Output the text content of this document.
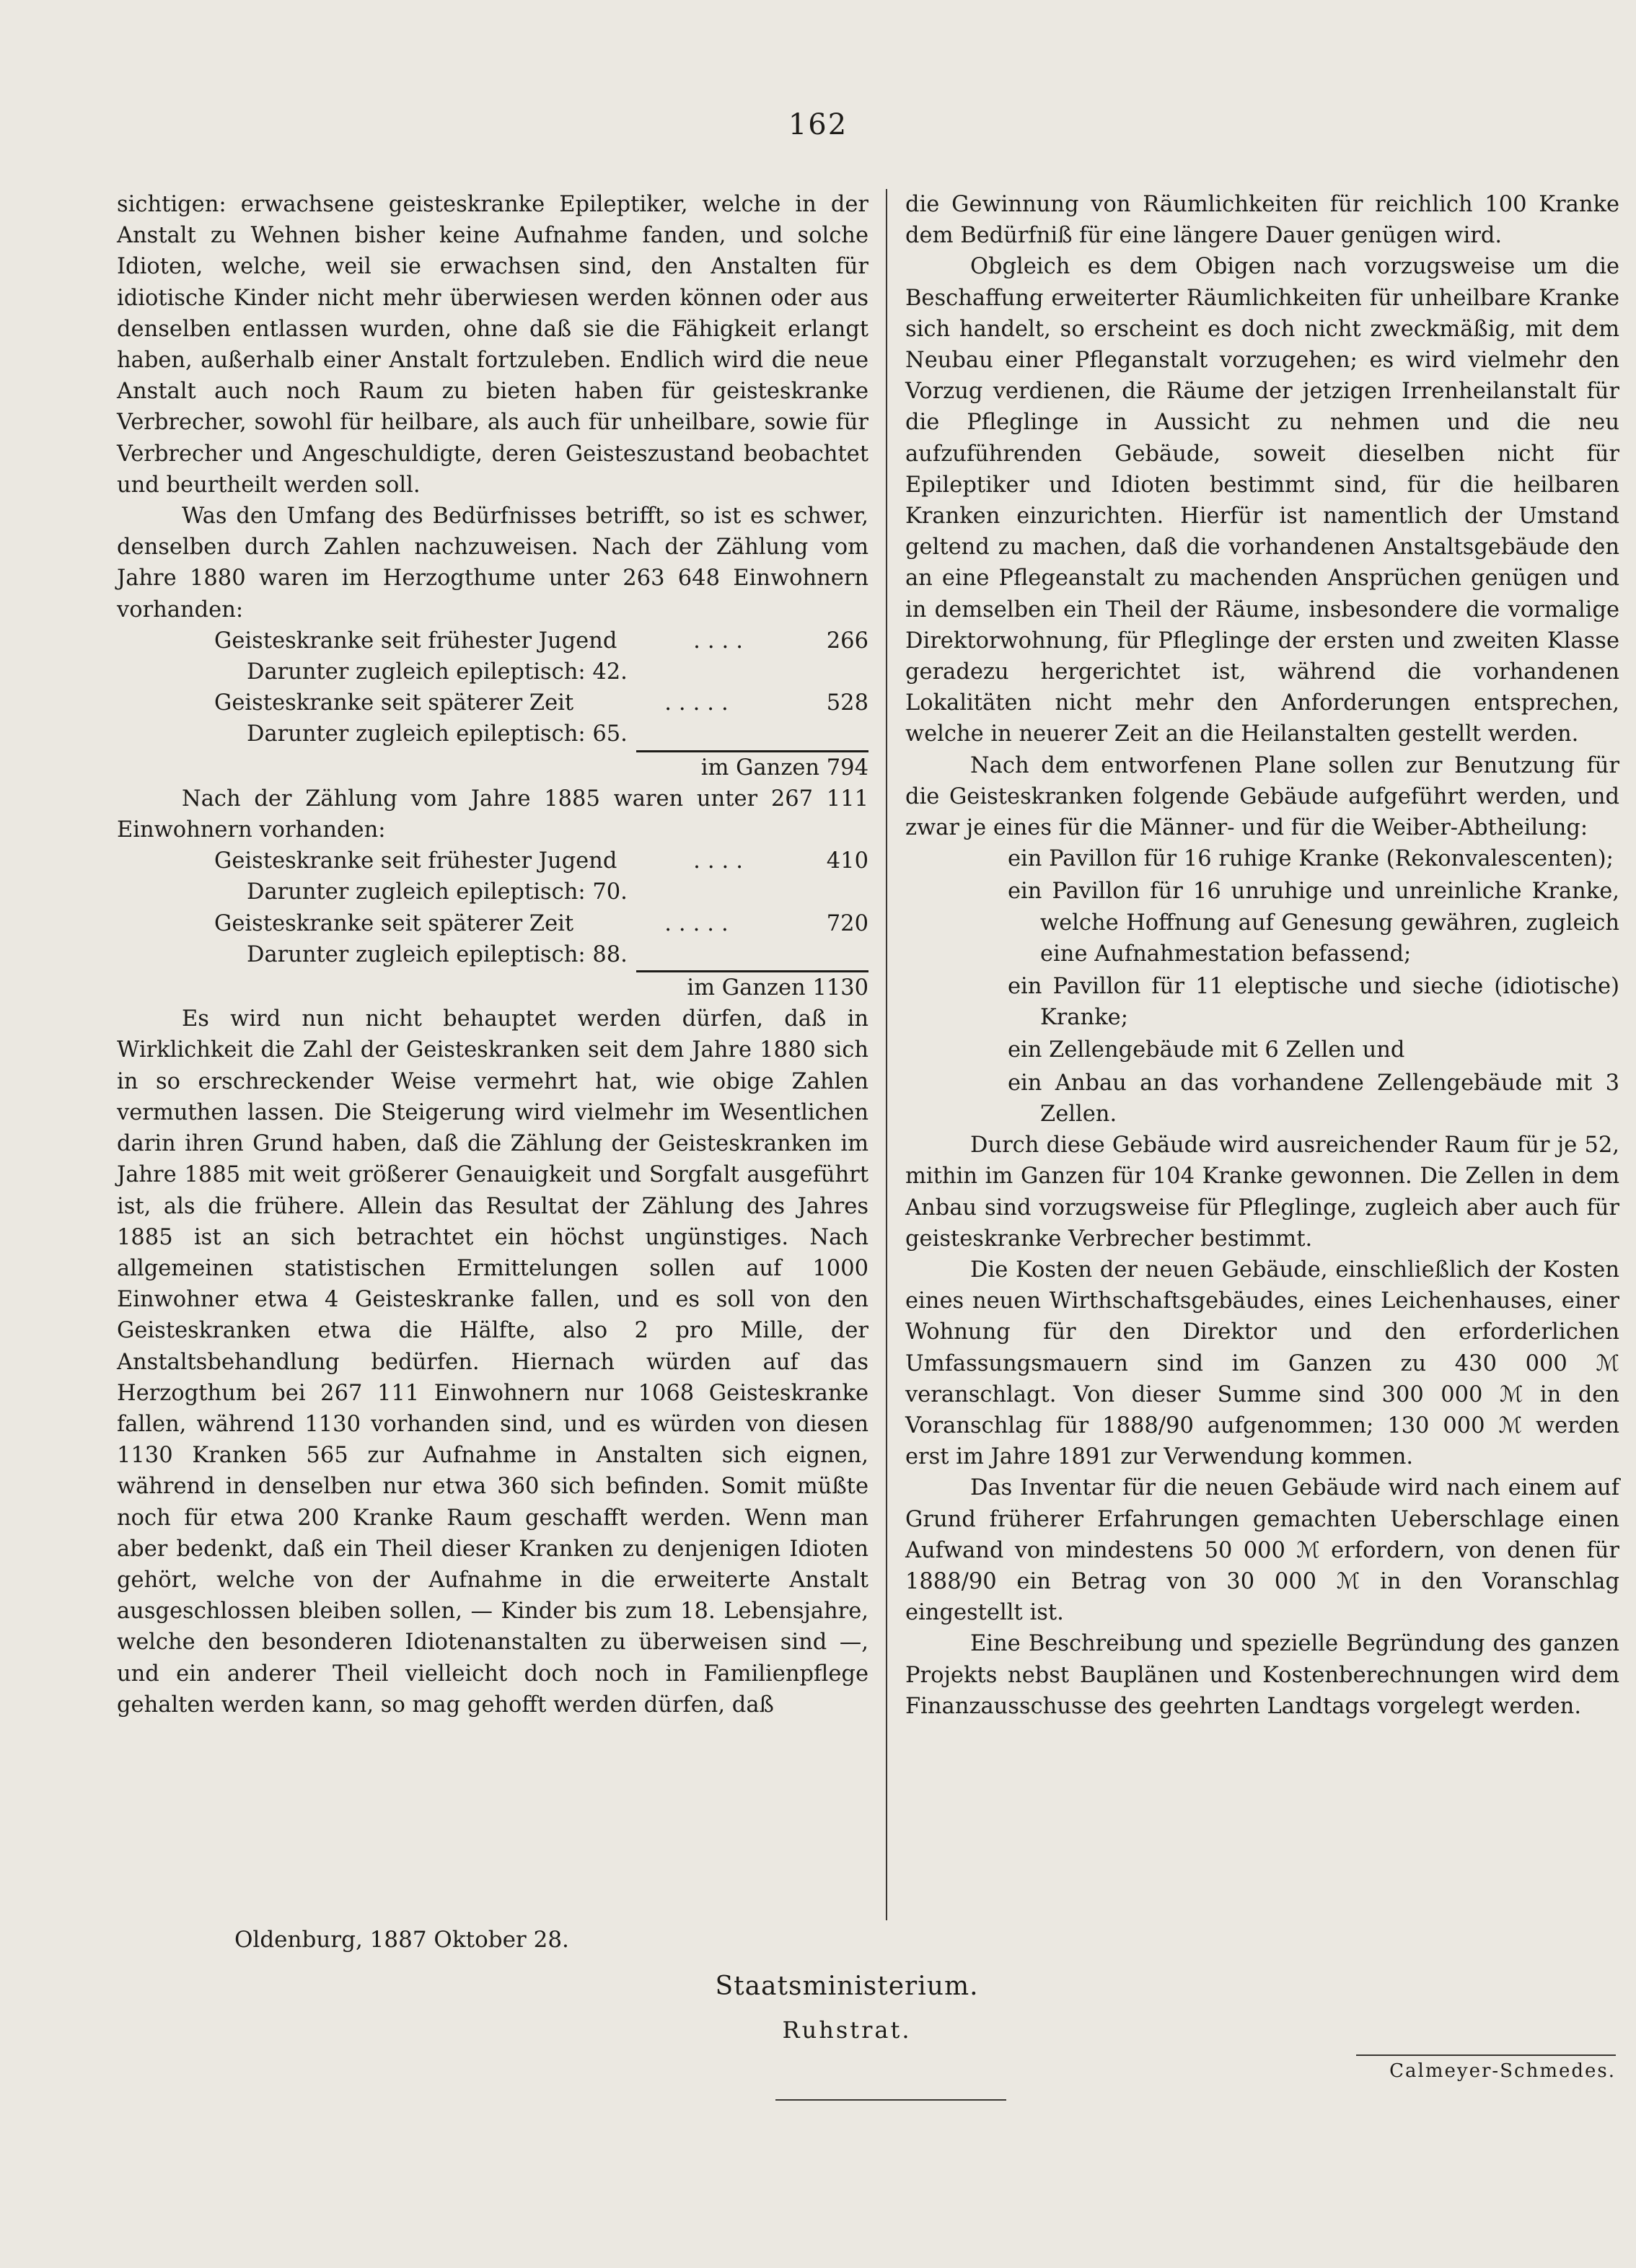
162

sichtigen: erwachsene geisteskranke Epileptiker, welche in der Anstalt zu Wehnen bisher keine Aufnahme fanden, und solche Idioten, welche, weil sie erwachsen sind, den Anstalten für idiotische Kinder nicht mehr überwiesen werden können oder aus denselben entlassen wurden, ohne daß sie die Fähigkeit erlangt haben, außerhalb einer Anstalt fortzuleben. Endlich wird die neue Anstalt auch noch Raum zu bieten haben für geisteskranke Verbrecher, sowohl für heilbare, als auch für unheilbare, sowie für Verbrecher und Angeschuldigte, deren Geisteszustand beobachtet und beurtheilt werden soll.

Was den Umfang des Bedürfnisses betrifft, so ist es schwer, denselben durch Zahlen nachzuweisen. Nach der Zählung vom Jahre 1880 waren im Herzogthume unter 263 648 Einwohnern vorhanden:

Geisteskranke seit frühester Jugend	....	266
Darunter zugleich epileptisch: 42.
Geisteskranke seit späterer Zeit	.....	528
Darunter zugleich epileptisch: 65.
im Ganzen 794

Nach der Zählung vom Jahre 1885 waren unter 267 111 Einwohnern vorhanden:

Geisteskranke seit frühester Jugend	....	410
Darunter zugleich epileptisch: 70.
Geisteskranke seit späterer Zeit	.....	720
Darunter zugleich epileptisch: 88.
im Ganzen 1130

Es wird nun nicht behauptet werden dürfen, daß in Wirklichkeit die Zahl der Geisteskranken seit dem Jahre 1880 sich in so erschreckender Weise vermehrt hat, wie obige Zahlen vermuthen lassen. Die Steigerung wird vielmehr im Wesentlichen darin ihren Grund haben, daß die Zählung der Geisteskranken im Jahre 1885 mit weit größerer Genauigkeit und Sorgfalt ausgeführt ist, als die frühere. Allein das Resultat der Zählung des Jahres 1885 ist an sich betrachtet ein höchst ungünstiges. Nach allgemeinen statistischen Ermittelungen sollen auf 1000 Einwohner etwa 4 Geisteskranke fallen, und es soll von den Geisteskranken etwa die Hälfte, also 2 pro Mille, der Anstaltsbehandlung bedürfen. Hiernach würden auf das Herzogthum bei 267 111 Einwohnern nur 1068 Geisteskranke fallen, während 1130 vorhanden sind, und es würden von diesen 1130 Kranken 565 zur Aufnahme in Anstalten sich eignen, während in denselben nur etwa 360 sich befinden. Somit müßte noch für etwa 200 Kranke Raum geschafft werden. Wenn man aber bedenkt, daß ein Theil dieser Kranken zu denjenigen Idioten gehört, welche von der Aufnahme in die erweiterte Anstalt ausgeschlossen bleiben sollen, — Kinder bis zum 18. Lebensjahre, welche den besonderen Idiotenanstalten zu überweisen sind —, und ein anderer Theil vielleicht doch noch in Familienpflege gehalten werden kann, so mag gehofft werden dürfen, daß

die Gewinnung von Räumlichkeiten für reichlich 100 Kranke dem Bedürfniß für eine längere Dauer genügen wird.

Obgleich es dem Obigen nach vorzugsweise um die Beschaffung erweiterter Räumlichkeiten für unheilbare Kranke sich handelt, so erscheint es doch nicht zweckmäßig, mit dem Neubau einer Pfleganstalt vorzugehen; es wird vielmehr den Vorzug verdienen, die Räume der jetzigen Irrenheilanstalt für die Pfleglinge in Aussicht zu nehmen und die neu aufzuführenden Gebäude, soweit dieselben nicht für Epileptiker und Idioten bestimmt sind, für die heilbaren Kranken einzurichten. Hierfür ist namentlich der Umstand geltend zu machen, daß die vorhandenen Anstaltsgebäude den an eine Pflegeanstalt zu machenden Ansprüchen genügen und in demselben ein Theil der Räume, insbesondere die vormalige Direktorwohnung, für Pfleglinge der ersten und zweiten Klasse geradezu hergerichtet ist, während die vorhandenen Lokalitäten nicht mehr den Anforderungen entsprechen, welche in neuerer Zeit an die Heilanstalten gestellt werden.

Nach dem entworfenen Plane sollen zur Benutzung für die Geisteskranken folgende Gebäude aufgeführt werden, und zwar je eines für die Männer- und für die Weiber-Abtheilung:

ein Pavillon für 16 ruhige Kranke (Rekonvalescenten);
ein Pavillon für 16 unruhige und unreinliche Kranke, welche Hoffnung auf Genesung gewähren, zugleich eine Aufnahmestation befassend;
ein Pavillon für 11 eleptische und sieche (idiotische) Kranke;
ein Zellengebäude mit 6 Zellen und
ein Anbau an das vorhandene Zellengebäude mit 3 Zellen.

Durch diese Gebäude wird ausreichender Raum für je 52, mithin im Ganzen für 104 Kranke gewonnen. Die Zellen in dem Anbau sind vorzugsweise für Pfleglinge, zugleich aber auch für geisteskranke Verbrecher bestimmt.

Die Kosten der neuen Gebäude, einschließlich der Kosten eines neuen Wirthschaftsgebäudes, eines Leichenhauses, einer Wohnung für den Direktor und den erforderlichen Umfassungsmauern sind im Ganzen zu 430 000 ℳ veranschlagt. Von dieser Summe sind 300 000 ℳ in den Voranschlag für 1888/90 aufgenommen; 130 000 ℳ werden erst im Jahre 1891 zur Verwendung kommen.

Das Inventar für die neuen Gebäude wird nach einem auf Grund früherer Erfahrungen gemachten Ueberschlage einen Aufwand von mindestens 50 000 ℳ erfordern, von denen für 1888/90 ein Betrag von 30 000 ℳ in den Voranschlag eingestellt ist.

Eine Beschreibung und spezielle Begründung des ganzen Projekts nebst Bauplänen und Kostenberechnungen wird dem Finanzausschusse des geehrten Landtags vorgelegt werden.

Oldenburg, 1887 Oktober 28.
Staatsministerium.
Ruhstrat.
Calmeyer-Schmedes.
